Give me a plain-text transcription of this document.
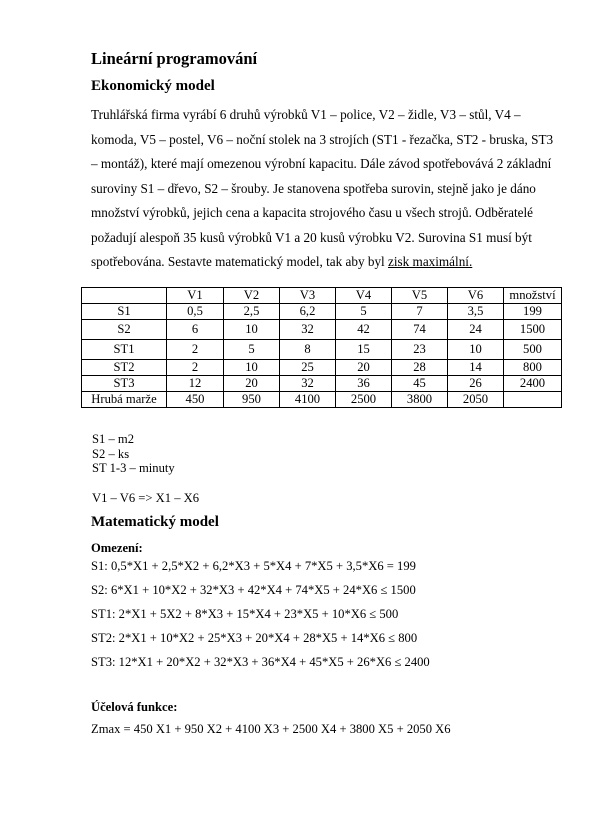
Lineární programování
Ekonomický model
Truhlářská firma vyrábí 6 druhů výrobků V1 – police, V2 – židle, V3 – stůl, V4 – komoda, V5 – postel, V6 – noční stolek na 3 strojích (ST1 - řezačka, ST2 - bruska, ST3 – montáž), které mají omezenou výrobní kapacitu. Dále závod spotřebovává 2 základní suroviny S1 – dřevo, S2 – šrouby. Je stanovena spotřeba surovin, stejně jako je dáno množství výrobků, jejich cena a kapacita strojového času u všech strojů. Odběratelé požadují alespoň 35 kusů výrobků V1 a 20 kusů výrobku V2. Surovina S1 musí být spotřebována. Sestavte matematický model, tak aby byl zisk maximální.
	V1	V2	V3	V4	V5	V6	množství
S1	0,5	2,5	6,2	5	7	3,5	199
S2	6	10	32	42	74	24	1500
ST1	2	5	8	15	23	10	500
ST2	2	10	25	20	28	14	800
ST3	12	20	32	36	45	26	2400
Hrubá marže	450	950	4100	2500	3800	2050	
S1 – m2
S2 – ks
ST 1-3 – minuty
V1 – V6 => X1 – X6
Matematický model
Omezení:
S1: 0,5*X1 + 2,5*X2 + 6,2*X3 + 5*X4 + 7*X5 + 3,5*X6 = 199
S2: 6*X1 + 10*X2 + 32*X3 + 42*X4 + 74*X5 + 24*X6 ≤ 1500
ST1: 2*X1 + 5X2 + 8*X3 + 15*X4 + 23*X5 + 10*X6 ≤ 500
ST2: 2*X1 + 10*X2 + 25*X3 + 20*X4 + 28*X5 + 14*X6 ≤ 800
ST3: 12*X1 + 20*X2 + 32*X3 + 36*X4 + 45*X5 + 26*X6 ≤ 2400
Účelová funkce:
Zmax = 450 X1 + 950 X2 + 4100 X3 + 2500 X4 + 3800 X5 + 2050 X6
